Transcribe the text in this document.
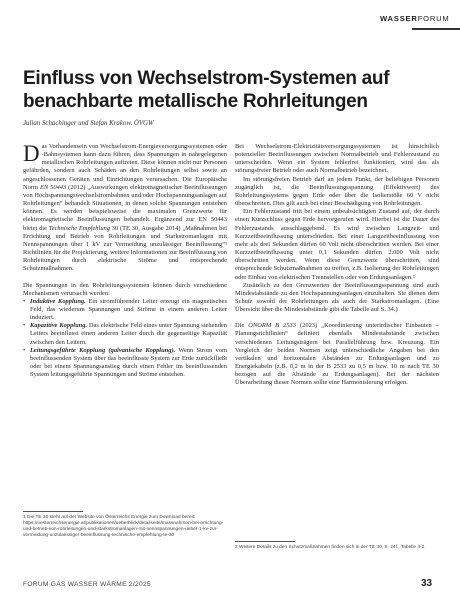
WASSERFORUM
Einfluss von Wechselstrom-Systemen auf benachbarte metallische Rohrleitungen
Julian Schachinger und Stefan Krakow, ÖVGW

Das Vorhandensein von Wechselstrom-Energieversorgungssystemen oder -Bahnsystemen kann dazu führen, dass Spannungen in nahegelegenen metallischen Rohrleitungen auftreten. Diese können nicht nur Personen gefährden, sondern auch Schäden an den Rohrleitungen selbst sowie an angeschlossenen Geräten und Einrichtungen verursachen. Die Europäische Norm EN 50443 (2012) „Auswirkungen elektromagnetischer Beeinflussungen von Hochspannungswechselstrombahnen und/oder Hochspannungsanlagen auf Rohrleitungen“ behandelt Situationen, in denen solche Spannungen entstehen können. Es werden beispielsweise die maximalen Grenzwerte für elektromagnetische Beeinflussungen behandelt. Ergänzend zur EN 50443 bietet die Technische Empfehlung 30 (TE 30, Ausgabe 2014) „Maßnahmen bei Errichtung und Betrieb von Rohrleitungen und Starkstromanlagen mit Nennspannungen über 1 kV zur Vermeidung unzulässiger Beeinflussung“¹ Richtlinien für die Projektierung, weitere Informationen zur Beeinflussung von Rohrleitungen durch elektrische Ströme und entsprechende Schutzmaßnahmen.

Die Spannungen in den Rohrleitungssystemen können durch verschiedene Mechanismen verursacht werden:

• Induktive Kopplung. Ein stromführender Leiter erzeugt ein magnetisches Feld, das wiederum Spannungen und Ströme in einem anderen Leiter induziert.
• Kapazitive Kopplung. Das elektrische Feld eines unter Spannung stehenden Leiters beeinflusst einen anderen Leiter durch die gegenseitige Kapazität zwischen den Leitern.
• Leitungsgeführte Kopplung (galvanische Kopplung). Wenn Strom vom beeinflussenden System über das beeinflusste System zur Erde zurückfließt oder bei einem Spannungsanstieg durch einen Fehler im beeinflussenden System leitungsgeführte Spannungen und Ströme entstehen.
1 Die TE 30 steht auf der Website von Österreichs Energie zum Download bereit: https://oesterreichsenergie.at/publikationen/ueberblick/detailseite/massnahmen-bei-errichtung-und-betrieb-von-rohrleitungen-und-starkstromanlagen-mit-nennspannungen-ueber-1-kv-zur-vermeidung-unzulaessiger-beeinflussung-technische-empfehlung-te-30

Bei Wechselstrom-Elektrizitätsversorgungssystemen ist hinsichtlich potenzieller Beeinflussungen zwischen Normalbetrieb und Fehlerzustand zu unterscheiden. Wenn ein System fehlerfrei funktioniert, wird das als störungsfreier Betrieb oder auch Normalbetrieb bezeichnet.

Im störungsfreien Betrieb darf an jedem Punkt, der beliebigen Personen zugänglich ist, die Beeinflussungsspannung (Effektivwert) des Rohrleitungssystems gegen Erde oder über die Isolierstöße 60 V nicht überschreiten. Dies gilt auch bei einer Beschädigung von Rohrleitungen.

Ein Fehlerzustand tritt bei einem unbeabsichtigten Zustand auf, der durch einen Kurzschluss gegen Erde hervorgerufen wird. Hierbei ist die Dauer des Fehlerzustands ausschlaggebend. Es wird zwischen Langzeit- und Kurzzeitbeeinflussung unterschieden. Bei einer Langzeitbeeinflussung von mehr als drei Sekunden dürfen 60 Volt nicht überschritten werden. Bei einer Kurzzeitbeeinflussung unter 0,1 Sekunden dürfen 2.000 Volt nicht überschritten werden. Wenn diese Grenzwerte überschritten, sind entsprechende Schutzmaßnahmen zu treffen, z.B. Isolierung der Rohrleitungen oder Einbau von elektrischen Trennstellen oder von Erdungsanlagen.²

Zusätzlich zu den Grenzwerten der Beeinflussungsspannung sind auch Mindestabstände zu den Hochspannungsanlagen einzuhalten. Sie dienen dem Schutz sowohl der Rohrleitungen als auch der Starkstromanlagen. (Eine Übersicht über die Mindestabstände gibt die Tabelle auf S. 34.)

Die ÖNORM B 2533 (2023) „Koordinierung unterirdischer Einbauten – Planungsrichtlinien“ definiert ebenfalls Mindestabstände zwischen verschiedenen Leitungsträgern bei Parallelführung bzw. Kreuzung. Ein Vergleich der beiden Normen zeigt unterschiedliche Angaben bei den vertikalen und horizontalen Abständen zu Erdungsanlagen und zu Energiekabeln (z.B. 0,2 m in der B 2533 zu 0,5 m bzw. 10 m nach TE 30 bezogen auf die Abstände zu Erdungsanlagen). Bei der nächsten Überarbeitung dieser Normen sollte eine Harmonisierung erfolgen.

2 Weitere Details zu den Schutzmaßnahmen finden sich in der TE 30, S. 24f., Tabelle 4-2.
FORUM GAS WASSER WÄRME 2/2025	33
